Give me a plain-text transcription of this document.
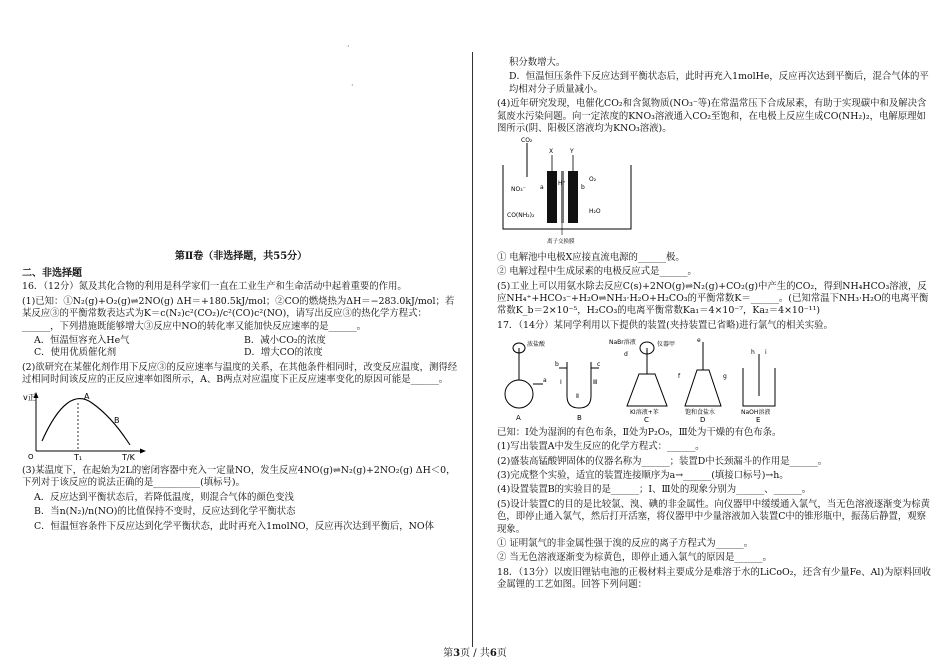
·
·
第Ⅱ卷（非选择题，共55分）
二、非选择题

16．（12分）氮及其化合物的利用是科学家们一直在工业生产和生命活动中起着重要的作用。

(1)已知：①N₂(g)+O₂(g)⇌2NO(g) ΔH＝+180.5kJ/mol；②CO的燃烧热为ΔH＝−283.0kJ/mol；若某反应③的平衡常数表达式为K＝c(N₂)c²(CO₂)/c²(CO)c²(NO)，请写出反应③的热化学方程式：______，下列措施既能够增大③反应中NO的转化率又能加快反应速率的是______。

A．恒温恒容充入He气	B．减小CO₂的浓度
C．使用优质催化剂	D．增大CO的浓度

(2)欲研究在某催化剂作用下反应③的反应速率与温度的关系，在其他条件相同时，改变反应温度，测得经过相同时间该反应的正反应速率如图所示，A、B两点对应温度下正反应速率变化的原因可能是______。

v正
T/K
T₁
A
B
O

(3)某温度下，在起始为2L的密闭容器中充入一定量NO，发生反应4NO(g)⇌N₂(g)+2NO₂(g) ΔH＜0，下列对于该反应的说法正确的是__________(填标号)。

A．反应达到平衡状态后，若降低温度，则混合气体的颜色变浅

B．当n(N₂)/n(NO)的比值保持不变时，反应达到化学平衡状态

C．恒温恒容条件下反应达到化学平衡状态，此时再充入1molNO，反应再次达到平衡后，NO体

积分数增大。

D．恒温恒压条件下反应达到平衡状态后，此时再充入1molHe，反应再次达到平衡后，混合气体的平均相对分子质量减小。

(4)近年研究发现，电催化CO₂和含氮物质(NO₃⁻等)在常温常压下合成尿素，有助于实现碳中和及解决含氮废水污染问题。向一定浓度的KNO₃溶液通入CO₂至饱和，在电极上反应生成CO(NH₂)₂，电解原理如图所示(阴、阳极区溶液均为KNO₃溶液)。

CO₂
X	Y
NO₃⁻ a
H⁺
b
O₂
CO(NH₂)₂
H₂O
离子交换膜

① 电解池中电极X应接直流电源的______极。

② 电解过程中生成尿素的电极反应式是______。

(5)工业上可以用氨水除去反应C(s)+2NO(g)⇌N₂(g)+CO₂(g)中产生的CO₂，得到NH₄HCO₃溶液，反应NH₄⁺+HCO₃⁻+H₂O⇌NH₃·H₂O+H₂CO₃的平衡常数K＝______。(已知常温下NH₃·H₂O的电离平衡常数K_b＝2×10⁻⁵，H₂CO₃的电离平衡常数Ka₁＝4×10⁻⁷，Ka₂＝4×10⁻¹¹)

17．（14分）某同学利用以下提供的装置(夹持装置已省略)进行氯气的相关实验。

浓盐酸
a
A
b	c
Ⅰ
Ⅱ
Ⅲ
B
NaBr溶液	仪器甲
d
KI溶液+苯
C
e
f	g
饱和食盐水
D
h i
NaOH溶液
E

已知：Ⅰ处为湿润的有色布条，Ⅱ处为P₂O₅，Ⅲ处为干燥的有色布条。

(1)写出装置A中发生反应的化学方程式：______。

(2)盛装高锰酸钾固体的仪器名称为______；装置D中长颈漏斗的作用是______。

(3)完成整个实验，适宜的装置连接顺序为a→______(填接口标号)→h。

(4)设置装置B的实验目的是______；Ⅰ、Ⅲ处的现象分别为______、______。

(5)设计装置C的目的是比较氯、溴、碘的非金属性。向仪器甲中缓缓通入氯气，当无色溶液逐渐变为棕黄色，即停止通入氯气，然后打开活塞，将仪器甲中少量溶液加入装置C中的锥形瓶中，振荡后静置，观察现象。

① 证明氯气的非金属性强于溴的反应的离子方程式为______。

② 当无色溶液逐渐变为棕黄色，即停止通入氯气的原因是______。

18．（13分）以废旧锂钴电池的正极材料主要成分是难溶于水的LiCoO₂，还含有少量Fe、Al)为原料回收金属锂的工艺如图。回答下列问题：

第3页 / 共6页
